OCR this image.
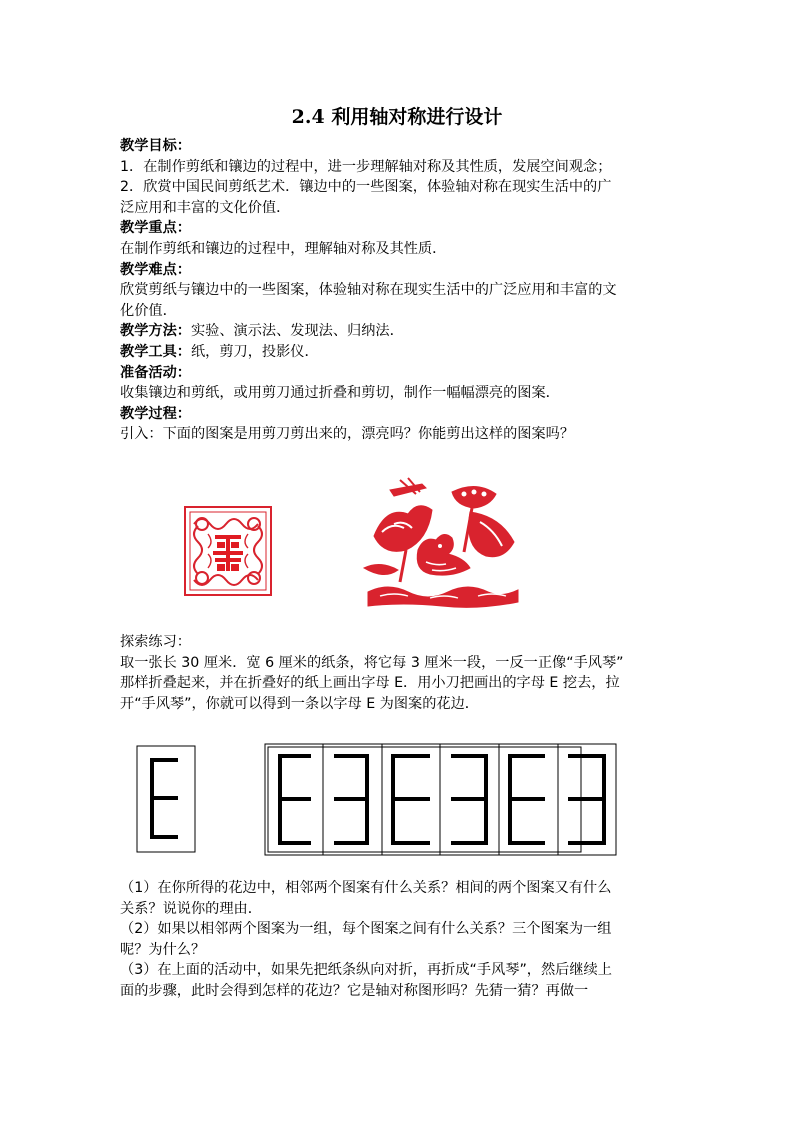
2.4 利用轴对称进行设计
教学目标：
1．在制作剪纸和镶边的过程中，进一步理解轴对称及其性质，发展空间观念；
2．欣赏中国民间剪纸艺术．镶边中的一些图案，体验轴对称在现实生活中的广
泛应用和丰富的文化价值．
教学重点：
在制作剪纸和镶边的过程中，理解轴对称及其性质．
教学难点：
欣赏剪纸与镶边中的一些图案，体验轴对称在现实生活中的广泛应用和丰富的文
化价值．
教学方法：实验、演示法、发现法、归纳法．
教学工具：纸，剪刀，投影仪．
准备活动：
收集镶边和剪纸，或用剪刀通过折叠和剪切，制作一幅幅漂亮的图案．
教学过程：
引入：下面的图案是用剪刀剪出来的，漂亮吗？你能剪出这样的图案吗？
探索练习：
取一张长 30 厘米．宽 6 厘米的纸条，将它每 3 厘米一段，一反一正像“手风琴”
那样折叠起来，并在折叠好的纸上画出字母 E．用小刀把画出的字母 E 挖去，拉
开“手风琴”，你就可以得到一条以字母 E 为图案的花边．
（1）在你所得的花边中，相邻两个图案有什么关系？相间的两个图案又有什么
关系？说说你的理由．
（2）如果以相邻两个图案为一组，每个图案之间有什么关系？三个图案为一组
呢？为什么？
（3）在上面的活动中，如果先把纸条纵向对折，再折成“手风琴”，然后继续上
面的步骤，此时会得到怎样的花边？它是轴对称图形吗？先猜一猜？再做一
